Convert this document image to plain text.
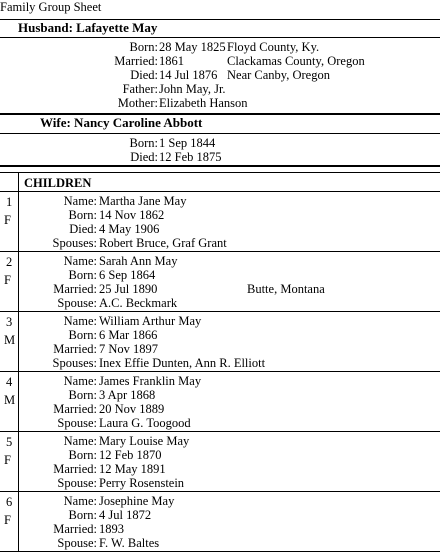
Family Group Sheet
Husband: Lafayette May
Born : 28 May 1825 Floyd County, Ky.
Married : 1861	Clackamas County, Oregon
Died : 14 Jul 1876 Near Canby, Oregon
Father : John May, Jr.
Mother : Elizabeth Hanson
Wife: Nancy Caroline Abbott
Born : 1 Sep 1844
Died : 12 Feb 1875
CHILDREN
1
F
Name : Martha Jane May
Born : 14 Nov 1862
Died : 4 May 1906
Spouses : Robert Bruce, Graf Grant
2
F
Name : Sarah Ann May
Born : 6 Sep 1864
Married : 25 Jul 1890	Butte, Montana
Spouse : A.C. Beckmark
3
M
Name : William Arthur May
Born : 6 Mar 1866
Married : 7 Nov 1897
Spouses : Inex Effie Dunten, Ann R. Elliott
4
M
Name : James Franklin May
Born : 3 Apr 1868
Married : 20 Nov 1889
Spouse : Laura G. Toogood
5
F
Name : Mary Louise May
Born : 12 Feb 1870
Married : 12 May 1891
Spouse : Perry Rosenstein
6
F
Name : Josephine May
Born : 4 Jul 1872
Married : 1893
Spouse : F. W. Baltes
